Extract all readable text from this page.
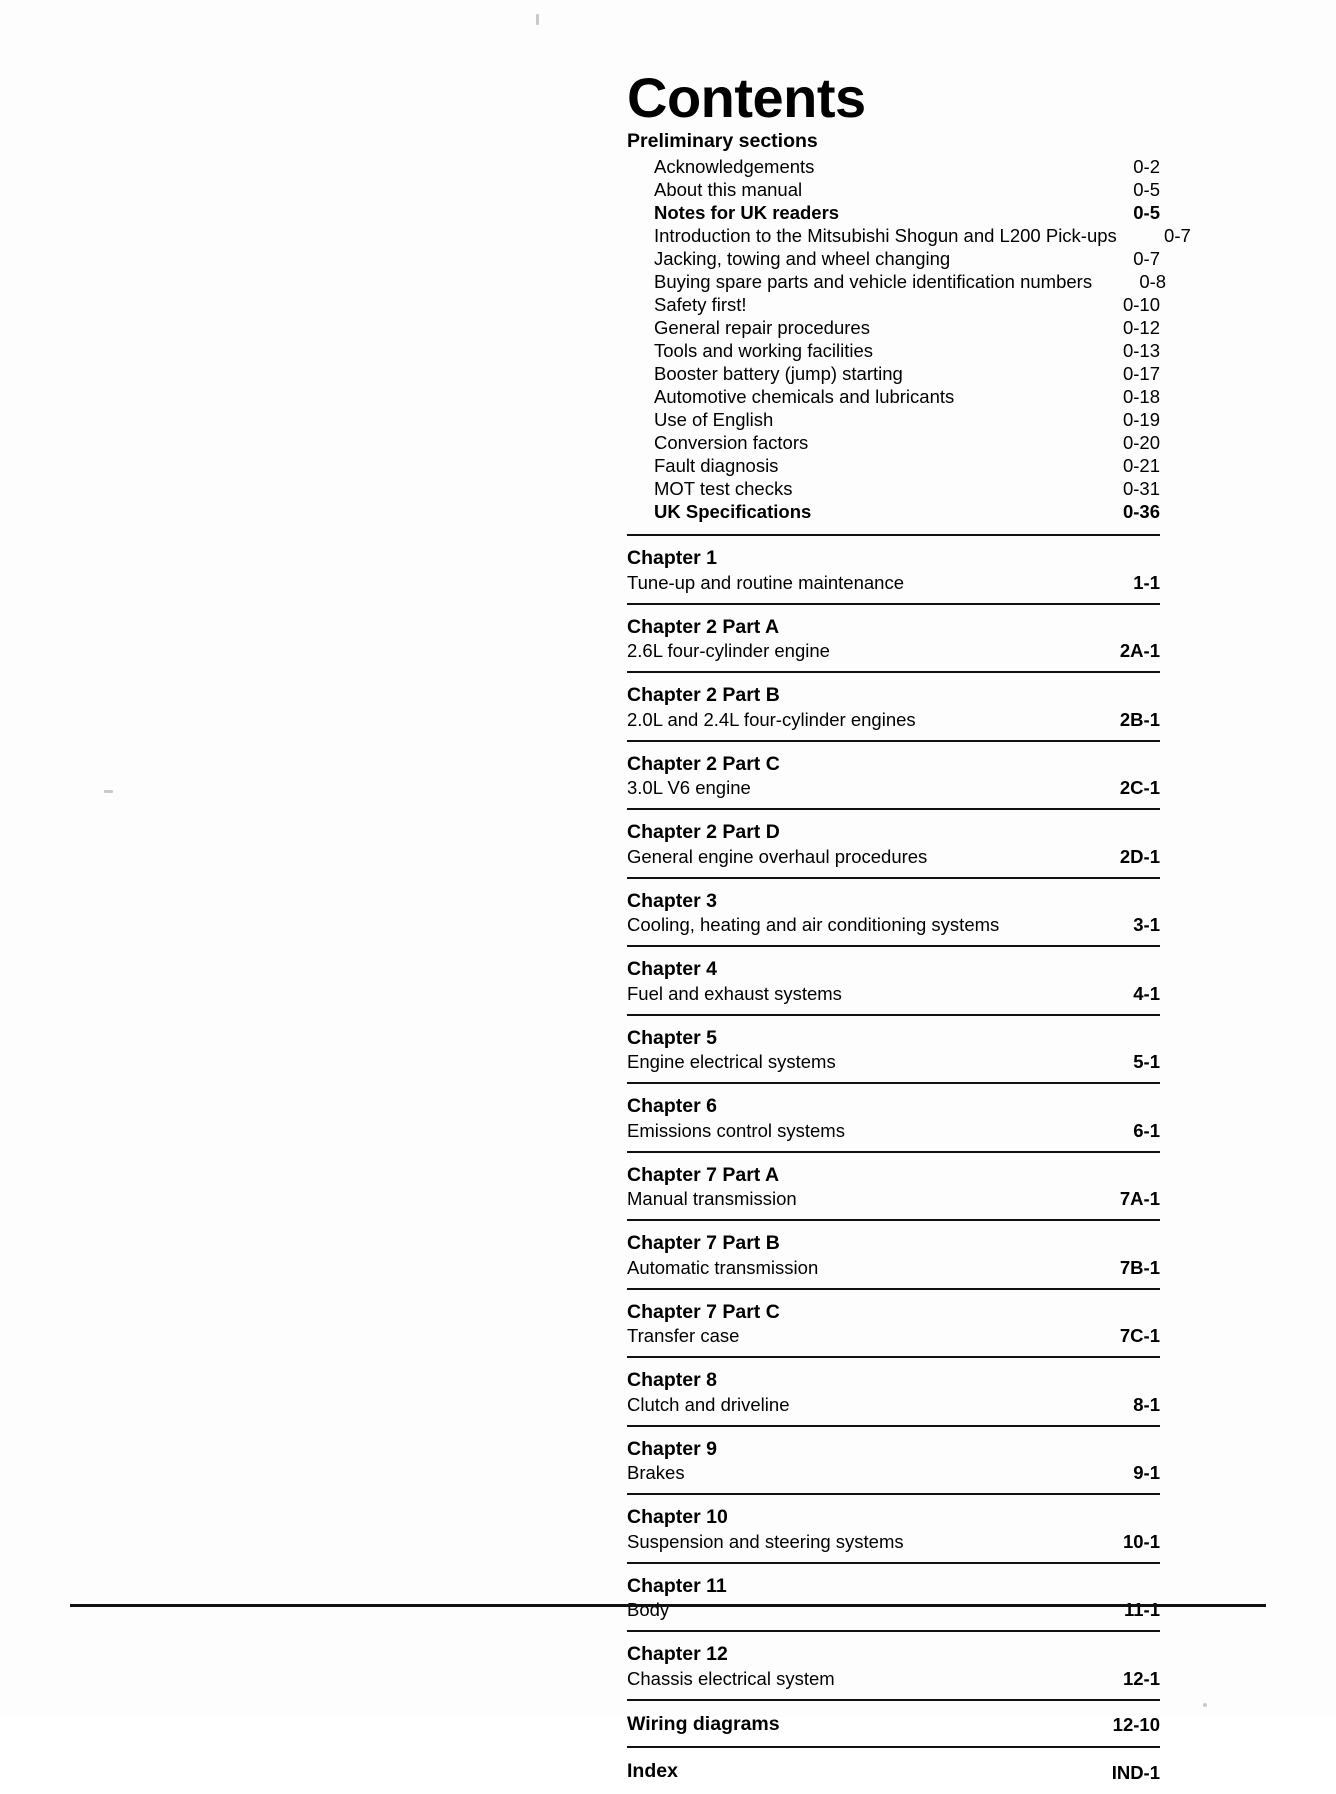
Contents
Preliminary sections
Acknowledgements	0-2
About this manual	0-5
Notes for UK readers	0-5
Introduction to the Mitsubishi Shogun and L200 Pick-ups	0-7
Jacking, towing and wheel changing	0-7
Buying spare parts and vehicle identification numbers	0-8
Safety first!	0-10
General repair procedures	0-12
Tools and working facilities	0-13
Booster battery (jump) starting	0-17
Automotive chemicals and lubricants	0-18
Use of English	0-19
Conversion factors	0-20
Fault diagnosis	0-21
MOT test checks	0-31
UK Specifications	0-36
Chapter 1
Tune-up and routine maintenance	1-1
Chapter 2 Part A
2.6L four-cylinder engine	2A-1
Chapter 2 Part B
2.0L and 2.4L four-cylinder engines	2B-1
Chapter 2 Part C
3.0L V6 engine	2C-1
Chapter 2 Part D
General engine overhaul procedures	2D-1
Chapter 3
Cooling, heating and air conditioning systems	3-1
Chapter 4
Fuel and exhaust systems	4-1
Chapter 5
Engine electrical systems	5-1
Chapter 6
Emissions control systems	6-1
Chapter 7 Part A
Manual transmission	7A-1
Chapter 7 Part B
Automatic transmission	7B-1
Chapter 7 Part C
Transfer case	7C-1
Chapter 8
Clutch and driveline	8-1
Chapter 9
Brakes	9-1
Chapter 10
Suspension and steering systems	10-1
Chapter 11
Body	11-1
Chapter 12
Chassis electrical system	12-1
Wiring diagrams	12-10
Index	IND-1
